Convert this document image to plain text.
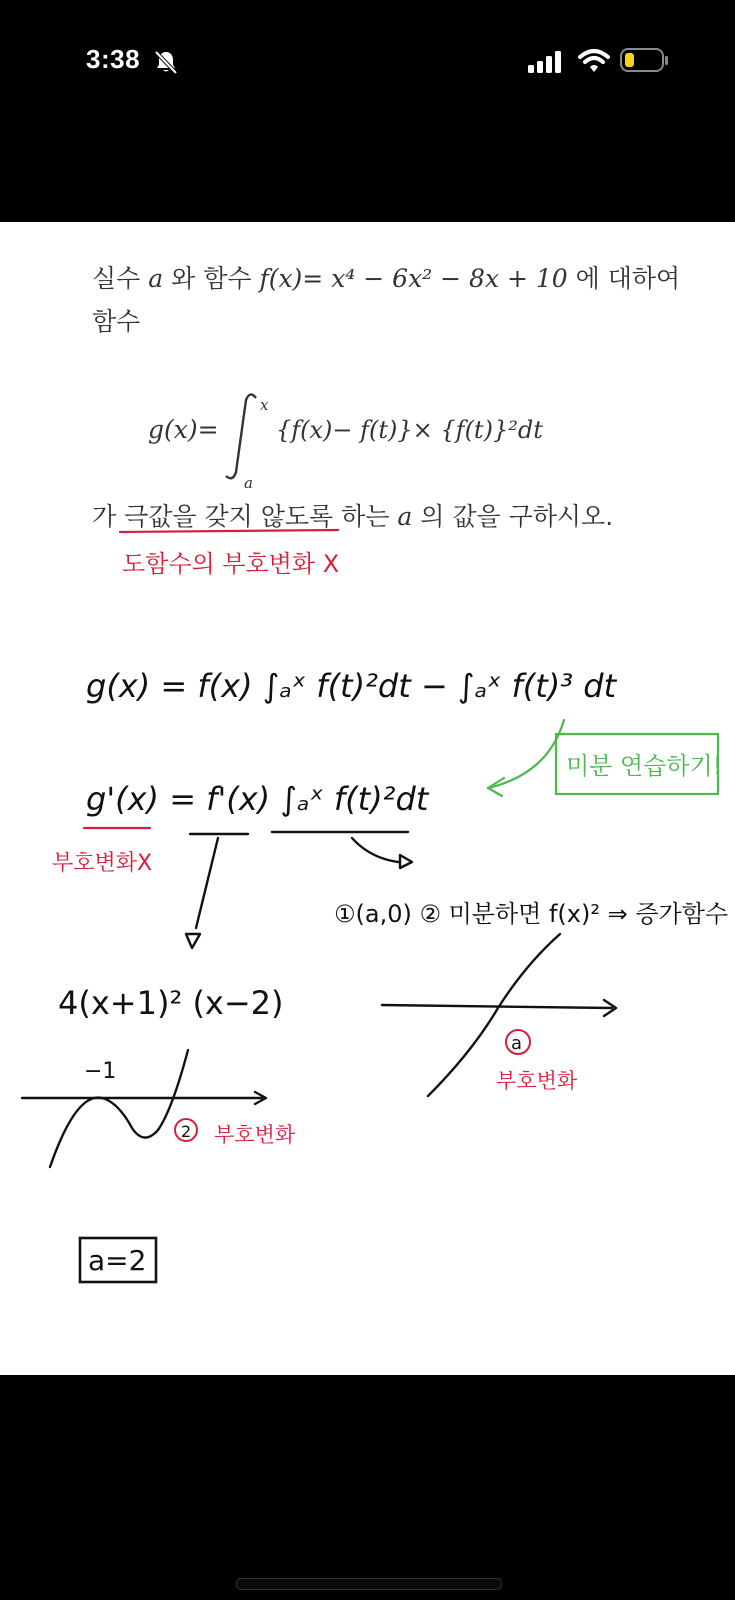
3:38
실수 a 와 함수 f(x)= x⁴ − 6x² − 8x + 10 에 대하여
함수
g(x)=
x
a
{f(x)− f(t)}× {f(t)}²dt
가 극값을 갖지 않도록 하는 a 의 값을 구하시오.
도함수의 부호변화 X
g(x) = f(x) ∫ₐˣ f(t)²dt − ∫ₐˣ f(t)³ dt
미분 연습하기!
g'(x) = f'(x) ∫ₐˣ f(t)²dt
부호변화X
①(a,0) ② 미분하면 f(x)² ⇒ 증가함수
4(x+1)² (x−2)
−1
2 부호변화
a
부호변화
a=2
